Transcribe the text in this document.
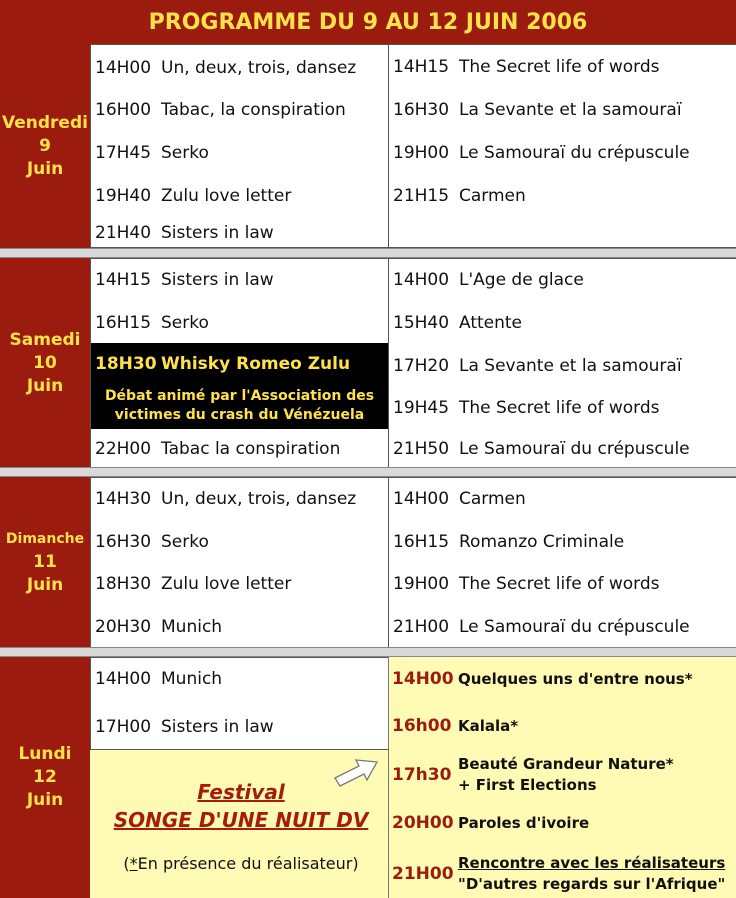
PROGRAMME DU 9 AU 12 JUIN 2006
Vendredi
9
Juin
14H00 Un, deux, trois, dansez
16H00 Tabac, la conspiration
17H45 Serko
19H40 Zulu love letter
21H40 Sisters in law
14H15 The Secret life of words
16H30 La Sevante et la samouraï
19H00 Le Samouraï du crépuscule
21H15 Carmen
Samedi
10
Juin
14H15 Sisters in law
16H15 Serko
18H30 Whisky Romeo Zulu
Débat animé par l'Association des
victimes du crash du Vénézuela
22H00 Tabac la conspiration
14H00 L'Age de glace
15H40 Attente
17H20 La Sevante et la samouraï
19H45 The Secret life of words
21H50 Le Samouraï du crépuscule
Dimanche
11
Juin
14H30 Un, deux, trois, dansez
16H30 Serko
18H30 Zulu love letter
20H30 Munich
14H00 Carmen
16H15 Romanzo Criminale
19H00 The Secret life of words
21H00 Le Samouraï du crépuscule
Lundi
12
Juin
14H00 Munich
17H00 Sisters in law
Festival
SONGE D'UNE NUIT DV
(*En présence du réalisateur)
14H00 Quelques uns d'entre nous*
16h00 Kalala*
17h30
Beauté Grandeur Nature*
+ First Elections
20H00 Paroles d'ivoire
21H00
Rencontre avec les réalisateurs
"D'autres regards sur l'Afrique"
